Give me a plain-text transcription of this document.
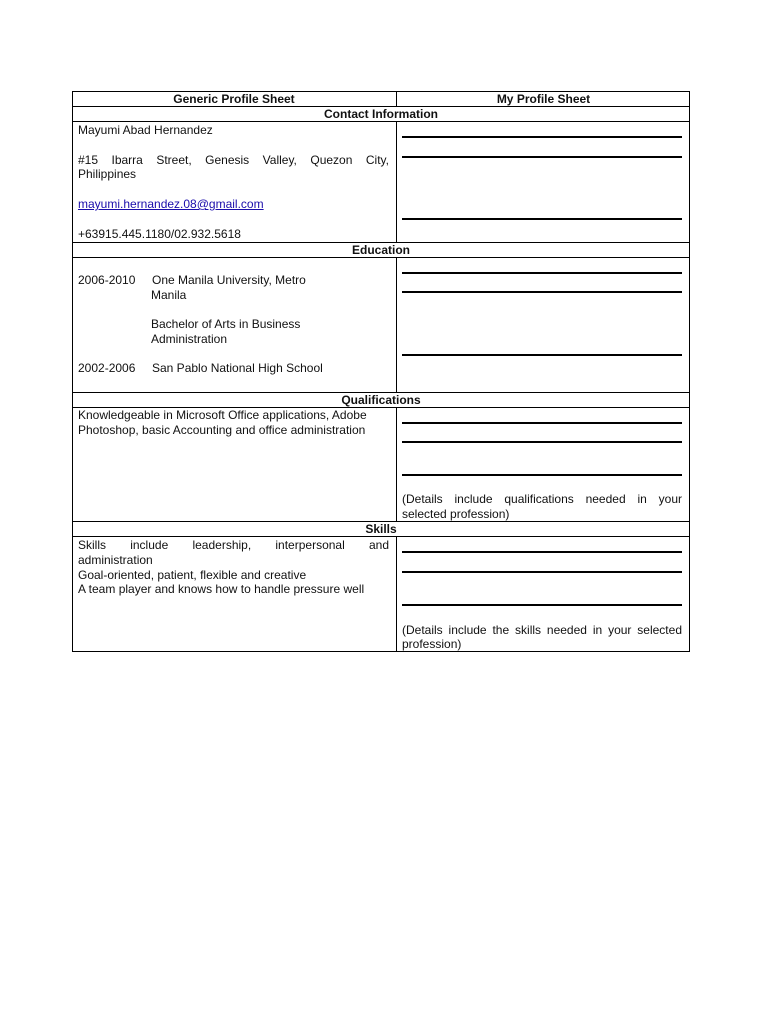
Generic Profile Sheet	My Profile Sheet
Contact Information
Education
Qualifications
Skills
Mayumi Abad Hernandez
#15 Ibarra Street, Genesis Valley, Quezon City,
Philippines
mayumi.hernandez.08@gmail.com
+63915.445.1180/02.932.5618
2006-2010 One Manila University, Metro
Manila
Bachelor of Arts in Business
Administration
2002-2006 San Pablo National High School
Knowledgeable in Microsoft Office applications, Adobe
Photoshop, basic Accounting and office administration
(Details include qualifications needed in your
selected profession)
Skills include leadership, interpersonal and
administration
Goal-oriented, patient, flexible and creative
A team player and knows how to handle pressure well
(Details include the skills needed in your selected
profession)
